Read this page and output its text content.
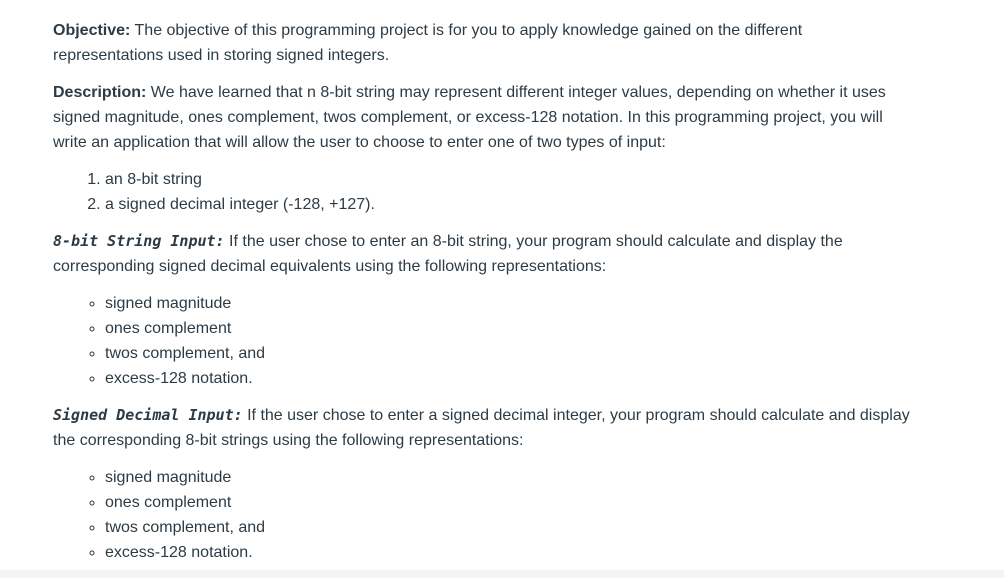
Objective: The objective of this programming project is for you to apply knowledge gained on the different representations used in storing signed integers.

Description: We have learned that n 8-bit string may represent different integer values, depending on whether it uses signed magnitude, ones complement, twos complement, or excess-128 notation. In this programming project, you will write an application that will allow the user to choose to enter one of two types of input:

1. an 8-bit string
2. a signed decimal integer (-128, +127).

8-bit String Input: If the user chose to enter an 8-bit string, your program should calculate and display the corresponding signed decimal equivalents using the following representations:

◦ signed magnitude
◦ ones complement
◦ twos complement, and
◦ excess-128 notation.

Signed Decimal Input: If the user chose to enter a signed decimal integer, your program should calculate and display the corresponding 8-bit strings using the following representations:

◦ signed magnitude
◦ ones complement
◦ twos complement, and
◦ excess-128 notation.
